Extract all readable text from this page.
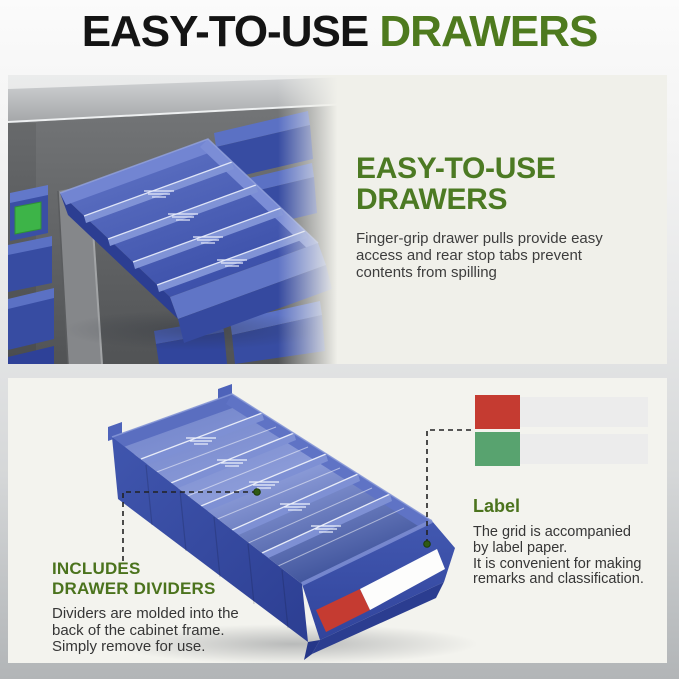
EASY-TO-USE DRAWERS
EASY-TO-USE
DRAWERS
Finger-grip drawer pulls provide easy
access and rear stop tabs prevent
contents from spilling
INCLUDES
DRAWER DIVIDERS
Dividers are molded into the
back of the cabinet frame.
Simply remove for use.
Label
The grid is accompanied
by label paper.
It is convenient for making
remarks and classification.
